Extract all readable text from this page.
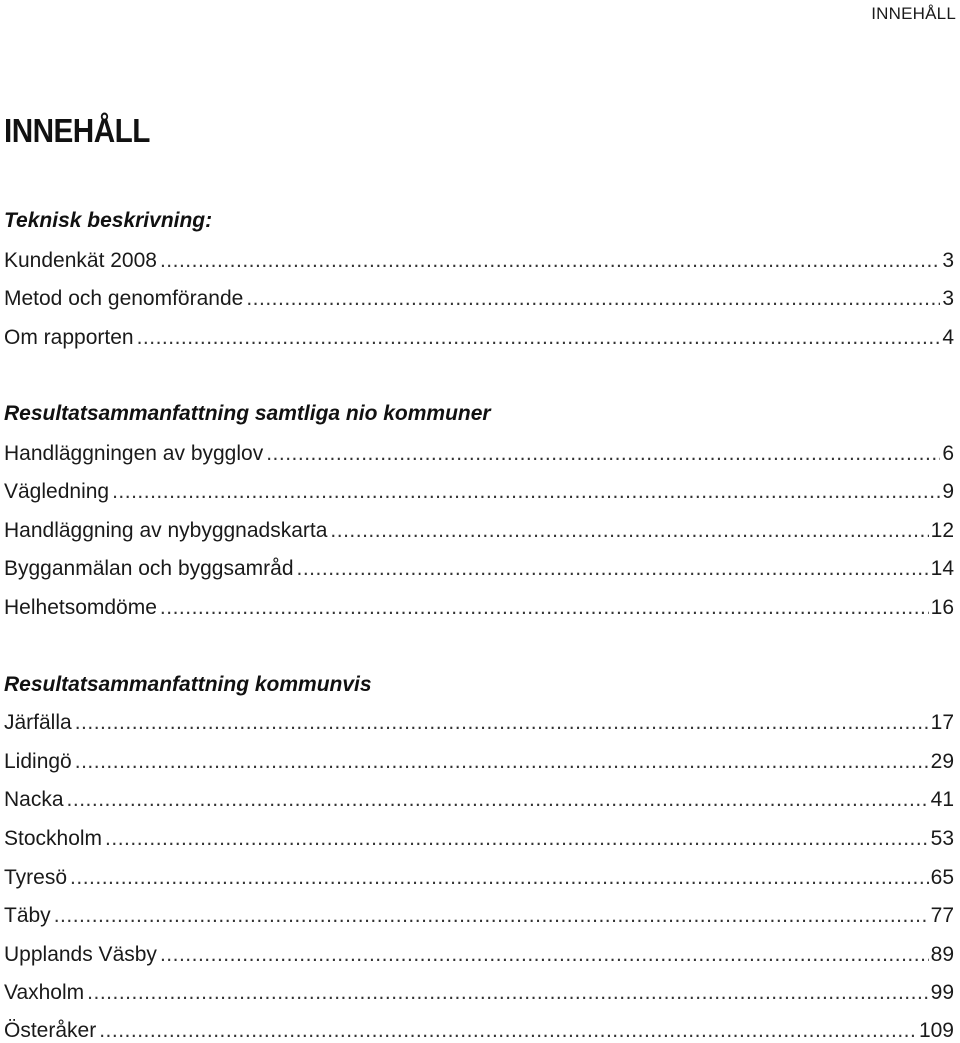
INNEHÅLL
INNEHÅLL
Teknisk beskrivning:
Kundenkät 2008 .....	3
Metod och genomförande .....	3
Om rapporten .....	4
Resultatsammanfattning samtliga nio kommuner
Handläggningen av bygglov .....	6
Vägledning .....	9
Handläggning av nybyggnadskarta .....	12
Bygganmälan och byggsamråd .....	14
Helhetsomdöme .....	16
Resultatsammanfattning kommunvis
Järfälla .....	17
Lidingö .....	29
Nacka .....	41
Stockholm .....	53
Tyresö .....	65
Täby .....	77
Upplands Väsby .....	89
Vaxholm .....	99
Österåker .....	109
